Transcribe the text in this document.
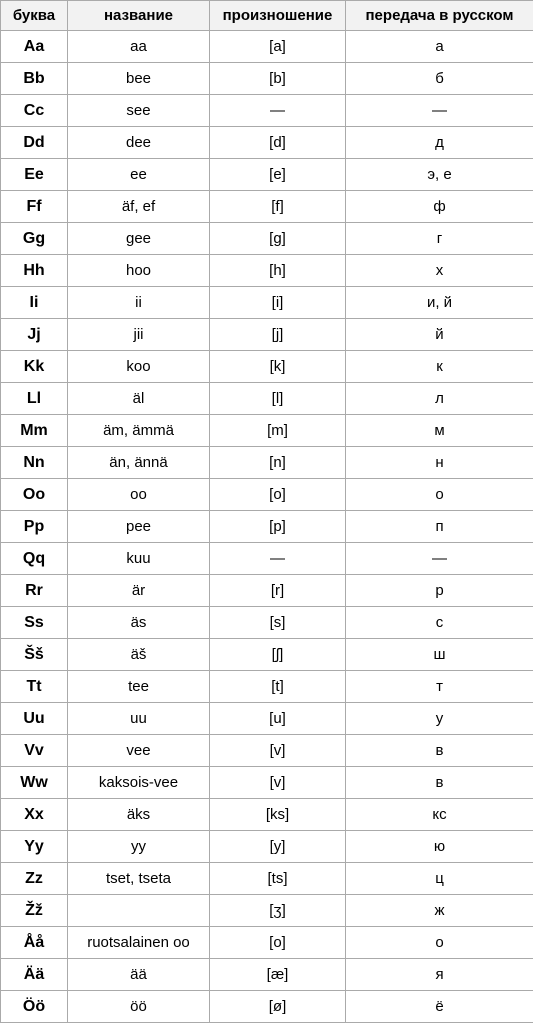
буква	название	произношение	передача в русском
Aa	aa	[a]	а
Bb	bee	[b]	б
Cc	see	—	—
Dd	dee	[d]	д
Ee	ee	[e]	э, е
Ff	äf, ef	[f]	ф
Gg	gee	[g]	г
Hh	hoo	[h]	х
Ii	ii	[i]	и, й
Jj	jii	[j]	й
Kk	koo	[k]	к
Ll	äl	[l]	л
Mm	äm, ämmä	[m]	м
Nn	än, ännä	[n]	н
Oo	oo	[o]	о
Pp	pee	[p]	п
Qq	kuu	—	—
Rr	är	[r]	р
Ss	äs	[s]	с
Šš	äš	[ʃ]	ш
Tt	tee	[t]	т
Uu	uu	[u]	у
Vv	vee	[v]	в
Ww	kaksois-vee	[v]	в
Xx	äks	[ks]	кс
Yy	yy	[y]	ю
Zz	tset, tseta	[ts]	ц
Žž		[ʒ]	ж
Åå	ruotsalainen oo	[o]	о
Ää	ää	[æ]	я
Öö	öö	[ø]	ё
